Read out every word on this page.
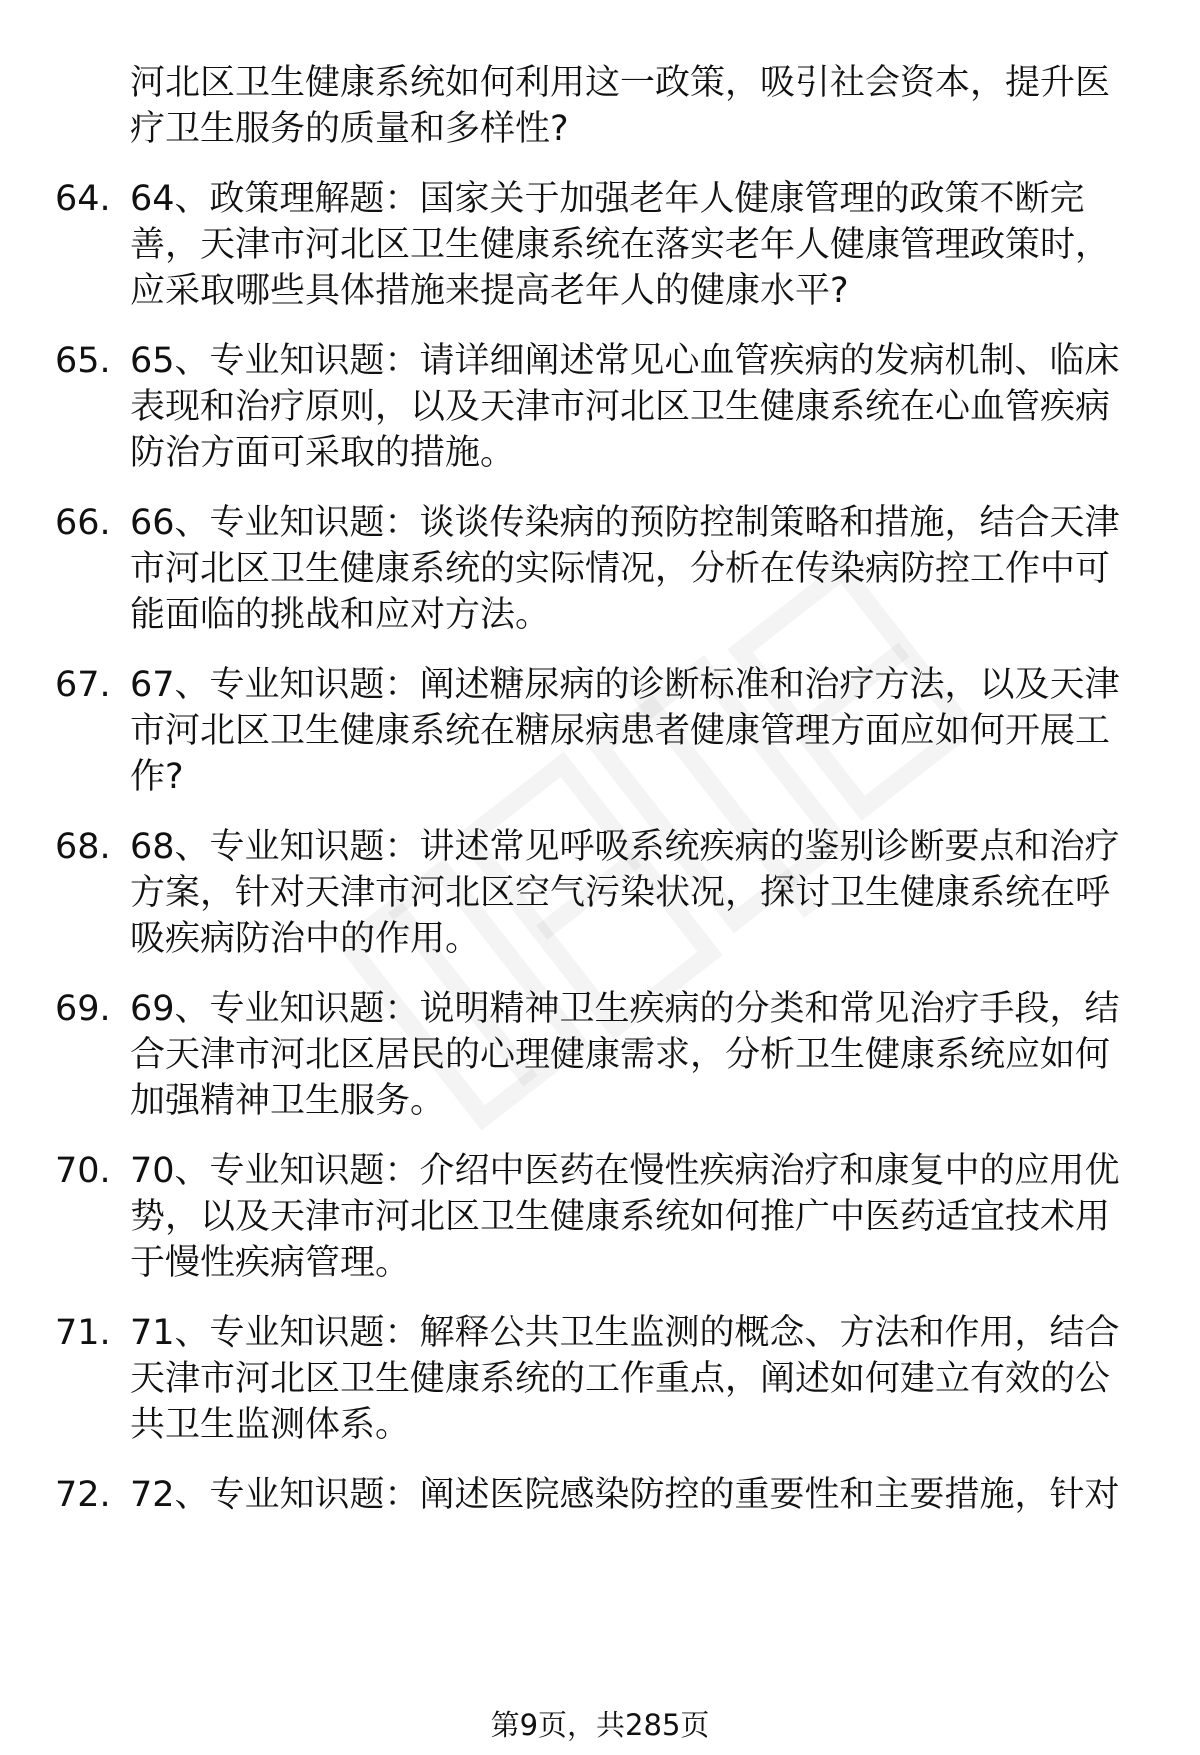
河北区卫生健康系统如何利用这一政策，吸引社会资本，提升医疗卫生服务的质量和多样性?

64. 64、政策理解题：国家关于加强老年人健康管理的政策不断完善，天津市河北区卫生健康系统在落实老年人健康管理政策时，应采取哪些具体措施来提高老年人的健康水平?
65. 65、专业知识题：请详细阐述常见心血管疾病的发病机制、临床表现和治疗原则，以及天津市河北区卫生健康系统在心血管疾病防治方面可采取的措施。
66. 66、专业知识题：谈谈传染病的预防控制策略和措施，结合天津市河北区卫生健康系统的实际情况，分析在传染病防控工作中可能面临的挑战和应对方法。
67. 67、专业知识题：阐述糖尿病的诊断标准和治疗方法，以及天津市河北区卫生健康系统在糖尿病患者健康管理方面应如何开展工作?
68. 68、专业知识题：讲述常见呼吸系统疾病的鉴别诊断要点和治疗方案，针对天津市河北区空气污染状况，探讨卫生健康系统在呼吸疾病防治中的作用。
69. 69、专业知识题：说明精神卫生疾病的分类和常见治疗手段，结合天津市河北区居民的心理健康需求，分析卫生健康系统应如何加强精神卫生服务。
70. 70、专业知识题：介绍中医药在慢性疾病治疗和康复中的应用优势，以及天津市河北区卫生健康系统如何推广中医药适宜技术用于慢性疾病管理。
71. 71、专业知识题：解释公共卫生监测的概念、方法和作用，结合天津市河北区卫生健康系统的工作重点，阐述如何建立有效的公共卫生监测体系。
72. 72、专业知识题：阐述医院感染防控的重要性和主要措施，针对
第9页，共285页
